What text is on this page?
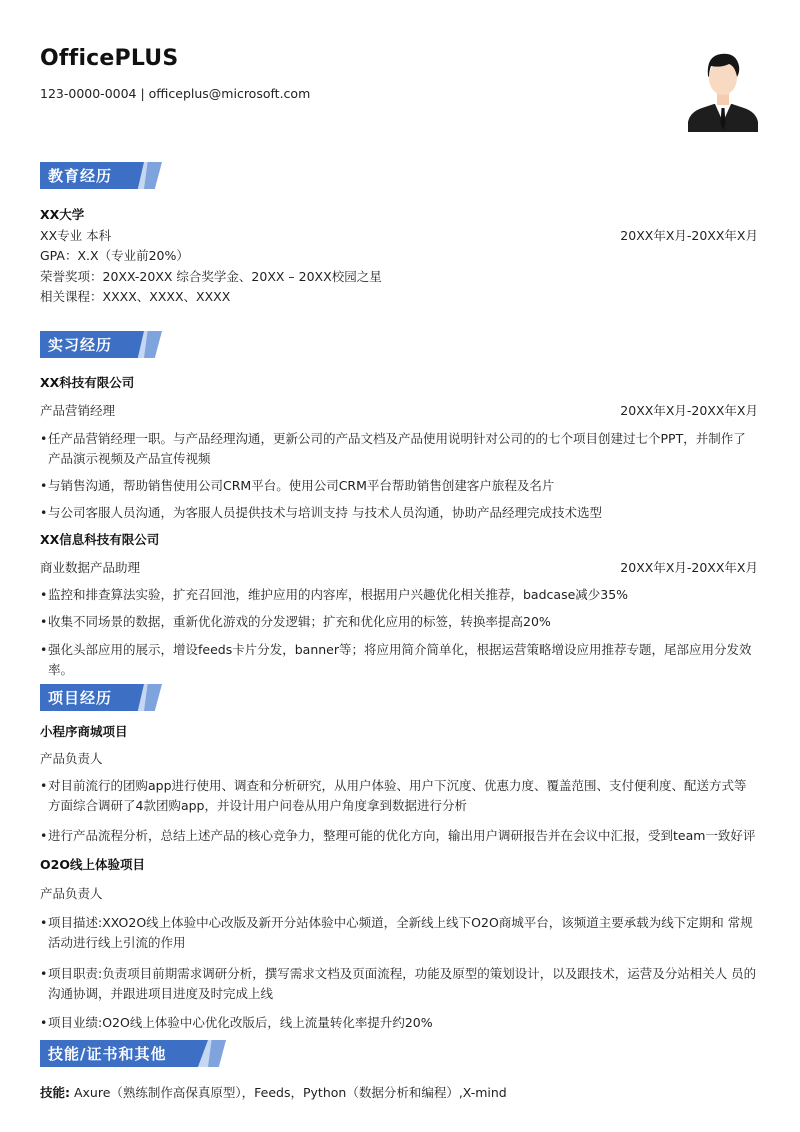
OfficePLUS
123-0000-0004 | officeplus@microsoft.com
教育经历
XX大学
XX专业 本科	20XX年X月-20XX年X月
GPA：X.X（专业前20%）
荣誉奖项：20XX-20XX 综合奖学金、20XX – 20XX校园之星
相关课程：XXXX、XXXX、XXXX
实习经历
XX科技有限公司
产品营销经理	20XX年X月-20XX年X月
• 任产品营销经理一职。与产品经理沟通，更新公司的产品文档及产品使用说明针对公司的的七个项目创建过七个PPT，并制作了产品演示视频及产品宣传视频
• 与销售沟通，帮助销售使用公司CRM平台。使用公司CRM平台帮助销售创建客户旅程及名片
• 与公司客服人员沟通，为客服人员提供技术与培训支持 与技术人员沟通，协助产品经理完成技术选型
XX信息科技有限公司
商业数据产品助理	20XX年X月-20XX年X月
• 监控和排查算法实验，扩充召回池，维护应用的内容库，根据用户兴趣优化相关推荐，badcase减少35%
• 收集不同场景的数据，重新优化游戏的分发逻辑；扩充和优化应用的标签，转换率提高20%
• 强化头部应用的展示，增设feeds卡片分发，banner等；将应用简介简单化，根据运营策略增设应用推荐专题，尾部应用分发效率。
项目经历
小程序商城项目
产品负责人
• 对目前流行的团购app进行使用、调查和分析研究，从用户体验、用户下沉度、优惠力度、覆盖范围、支付便利度、配送方式等方面综合调研了4款团购app，并设计用户问卷从用户角度拿到数据进行分析
• 进行产品流程分析，总结上述产品的核心竞争力，整理可能的优化方向，输出用户调研报告并在会议中汇报，受到team一致好评
O2O线上体验项目
产品负责人
• 项目描述:XXO2O线上体验中心改版及新开分站体验中心频道，全新线上线下O2O商城平台，该频道主要承载为线下定期和 常规活动进行线上引流的作用
• 项目职责:负责项目前期需求调研分析，撰写需求文档及页面流程，功能及原型的策划设计，以及跟技术，运营及分站相关人 员的沟通协调，并跟进项目进度及时完成上线
• 项目业绩:O2O线上体验中心优化改版后，线上流量转化率提升约20%
技能/证书和其他
技能: Axure（熟练制作高保真原型），Feeds，Python（数据分析和编程）,X-mind
